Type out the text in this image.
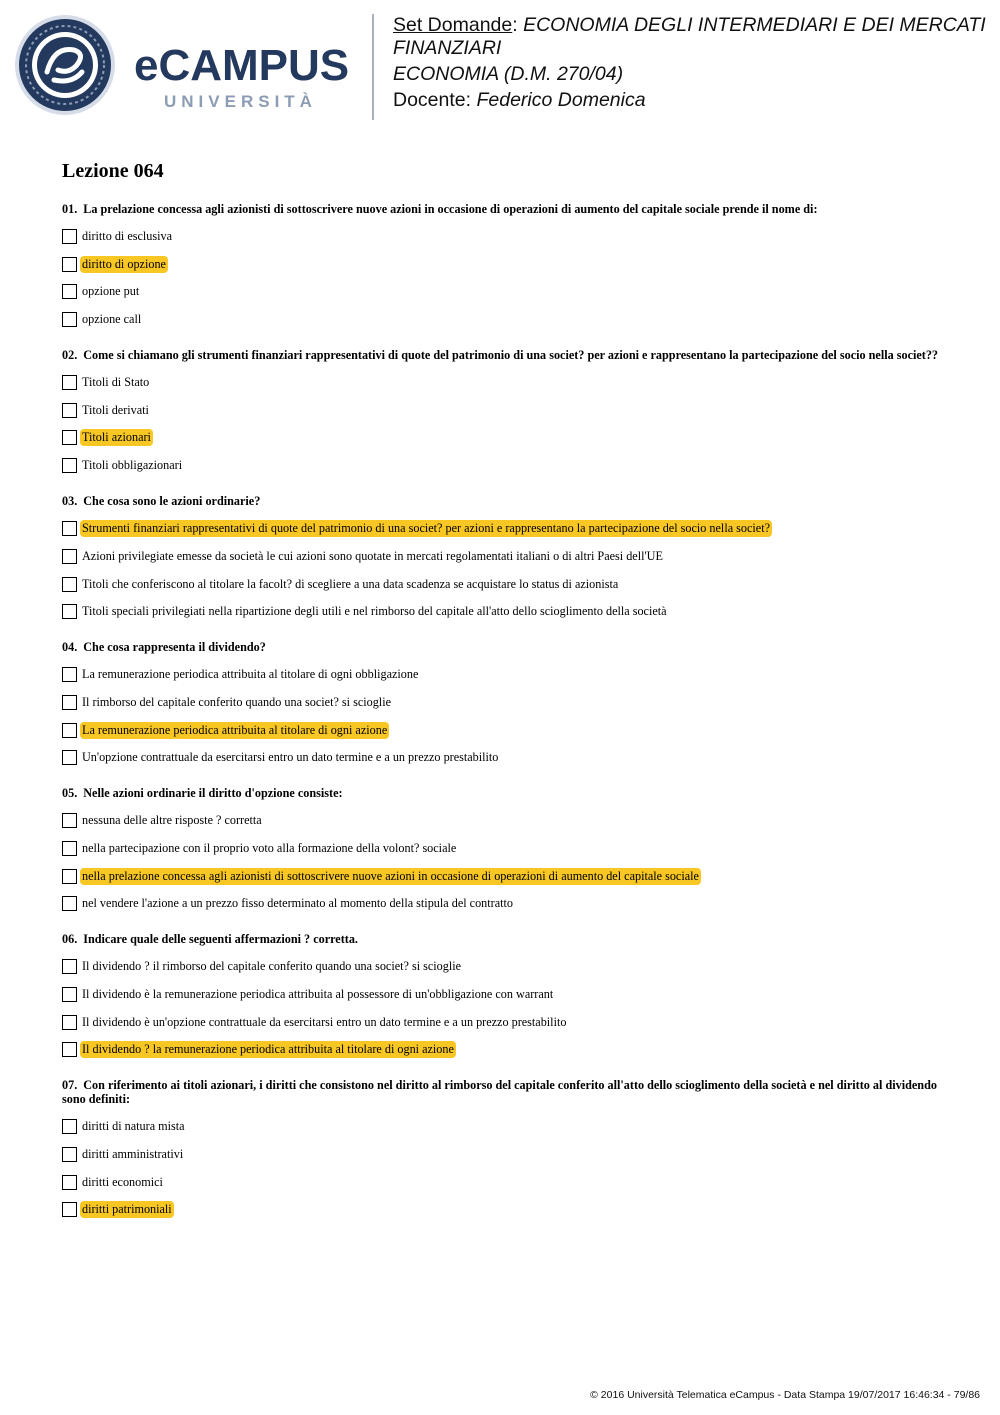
eCAMPUS
UNIVERSITÀ
Set Domande: ECONOMIA DEGLI INTERMEDIARI E DEI MERCATI FINANZIARI
ECONOMIA (D.M. 270/04)
Docente: Federico Domenica
Lezione 064
01. La prelazione concessa agli azionisti di sottoscrivere nuove azioni in occasione di operazioni di aumento del capitale sociale prende il nome di:
diritto di esclusiva
diritto di opzione
opzione put
opzione call
02. Come si chiamano gli strumenti finanziari rappresentativi di quote del patrimonio di una societ? per azioni e rappresentano la partecipazione del socio nella societ??
Titoli di Stato
Titoli derivati
Titoli azionari
Titoli obbligazionari
03. Che cosa sono le azioni ordinarie?
Strumenti finanziari rappresentativi di quote del patrimonio di una societ? per azioni e rappresentano la partecipazione del socio nella societ?
Azioni privilegiate emesse da società le cui azioni sono quotate in mercati regolamentati italiani o di altri Paesi dell'UE
Titoli che conferiscono al titolare la facolt? di scegliere a una data scadenza se acquistare lo status di azionista
Titoli speciali privilegiati nella ripartizione degli utili e nel rimborso del capitale all'atto dello scioglimento della società
04. Che cosa rappresenta il dividendo?
La remunerazione periodica attribuita al titolare di ogni obbligazione
Il rimborso del capitale conferito quando una societ? si scioglie
La remunerazione periodica attribuita al titolare di ogni azione
Un'opzione contrattuale da esercitarsi entro un dato termine e a un prezzo prestabilito
05. Nelle azioni ordinarie il diritto d'opzione consiste:
nessuna delle altre risposte ? corretta
nella partecipazione con il proprio voto alla formazione della volont? sociale
nella prelazione concessa agli azionisti di sottoscrivere nuove azioni in occasione di operazioni di aumento del capitale sociale
nel vendere l'azione a un prezzo fisso determinato al momento della stipula del contratto
06. Indicare quale delle seguenti affermazioni ? corretta.
Il dividendo ? il rimborso del capitale conferito quando una societ? si scioglie
Il dividendo è la remunerazione periodica attribuita al possessore di un'obbligazione con warrant
Il dividendo è un'opzione contrattuale da esercitarsi entro un dato termine e a un prezzo prestabilito
Il dividendo ? la remunerazione periodica attribuita al titolare di ogni azione
07. Con riferimento ai titoli azionari, i diritti che consistono nel diritto al rimborso del capitale conferito all'atto dello scioglimento della società e nel diritto al dividendo sono definiti:
diritti di natura mista
diritti amministrativi
diritti economici
diritti patrimoniali
© 2016 Università Telematica eCampus - Data Stampa 19/07/2017 16:46:34 - 79/86
